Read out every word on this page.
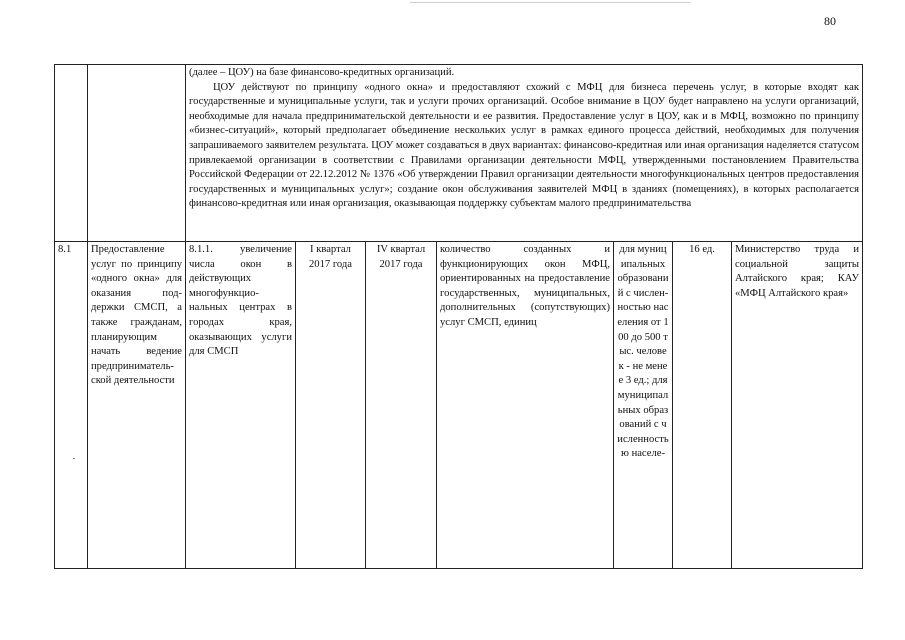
80

		(далее – ЦОУ) на базе финансово-кредитных организаций.

ЦОУ действуют по принципу «одного окна» и предоставляют схожий с МФЦ для бизнеса перечень услуг, в которые входят как государственные и муниципальные услуги, так и услуги прочих организаций. Особое внимание в ЦОУ будет направлено на услуги организаций, необходимые для начала предпринимательской деятельности и ее развития. Предоставление услуг в ЦОУ, как и в МФЦ, возможно по принципу «бизнес-ситуаций», который предполагает объединение нескольких услуг в рамках единого процесса действий, необходимых для получения запрашиваемого заявителем результата. ЦОУ может создаваться в двух вариантах: финансово-кредитная или иная организация наделяется статусом привлекаемой организации в соответствии с Правилами организации деятельности МФЦ, утвержденными постановлением Правительства Российской Федерации от 22.12.2012 № 1376 «Об утверждении Правил организации деятельности многофункциональных центров предоставления государственных и муниципальных услуг»; создание окон обслуживания заявителей МФЦ в зданиях (помещениях), в которых располагается финансово-кредитная или иная организация, оказывающая поддержку субъектам малого предпринимательства						

8.1	Предоставление услуг по принципу «одного окна» для оказания поддержки СМСП, а также гражданам, планирующим начать ведение предпринимательской деятельности	8.1.1. увеличение числа окон в действующих многофункциональных центрах в городах края, оказывающих услуги для СМСП	I квартал 2017 года	IV квартал 2017 года	количество созданных и функционирующих окон МФЦ, ориентированных на предоставление государственных, муниципальных, дополнительных (сопутствующих) услуг СМСП, единиц	для муниципальных образований с численностью населения от 100 до 500 тыс. человек - не менее 3 ед.; для муниципальных образований с численностью населе-	16 ед.	Министерство труда и социальной защиты Алтайского края; КАУ «МФЦ Алтайского края»
